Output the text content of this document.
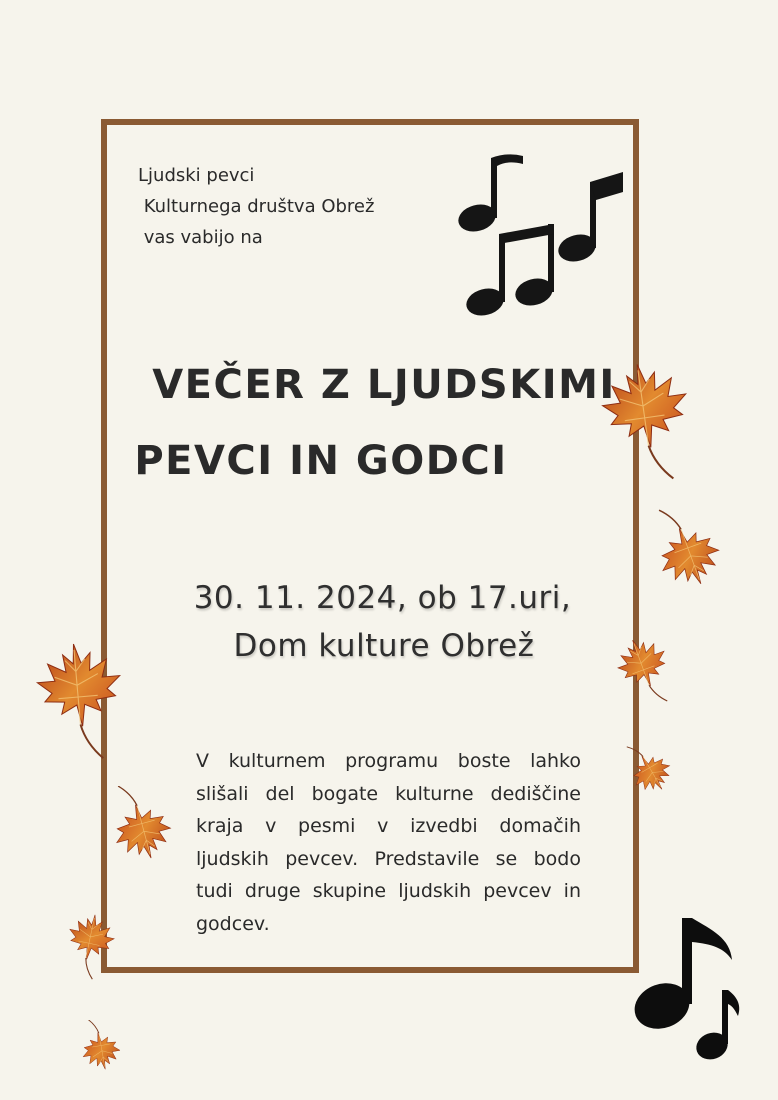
Ljudski pevci
Kulturnega društva Obrež
vas vabijo na
VEČER Z LJUDSKIMI
PEVCI IN GODCI
30. 11. 2024, ob 17.uri,
Dom kulture Obrež
V kulturnem programu boste lahko slišali del bogate kulturne dediščine kraja v pesmi v izvedbi domačih ljudskih pevcev. Predstavile se bodo tudi druge skupine ljudskih pevcev in godcev.
